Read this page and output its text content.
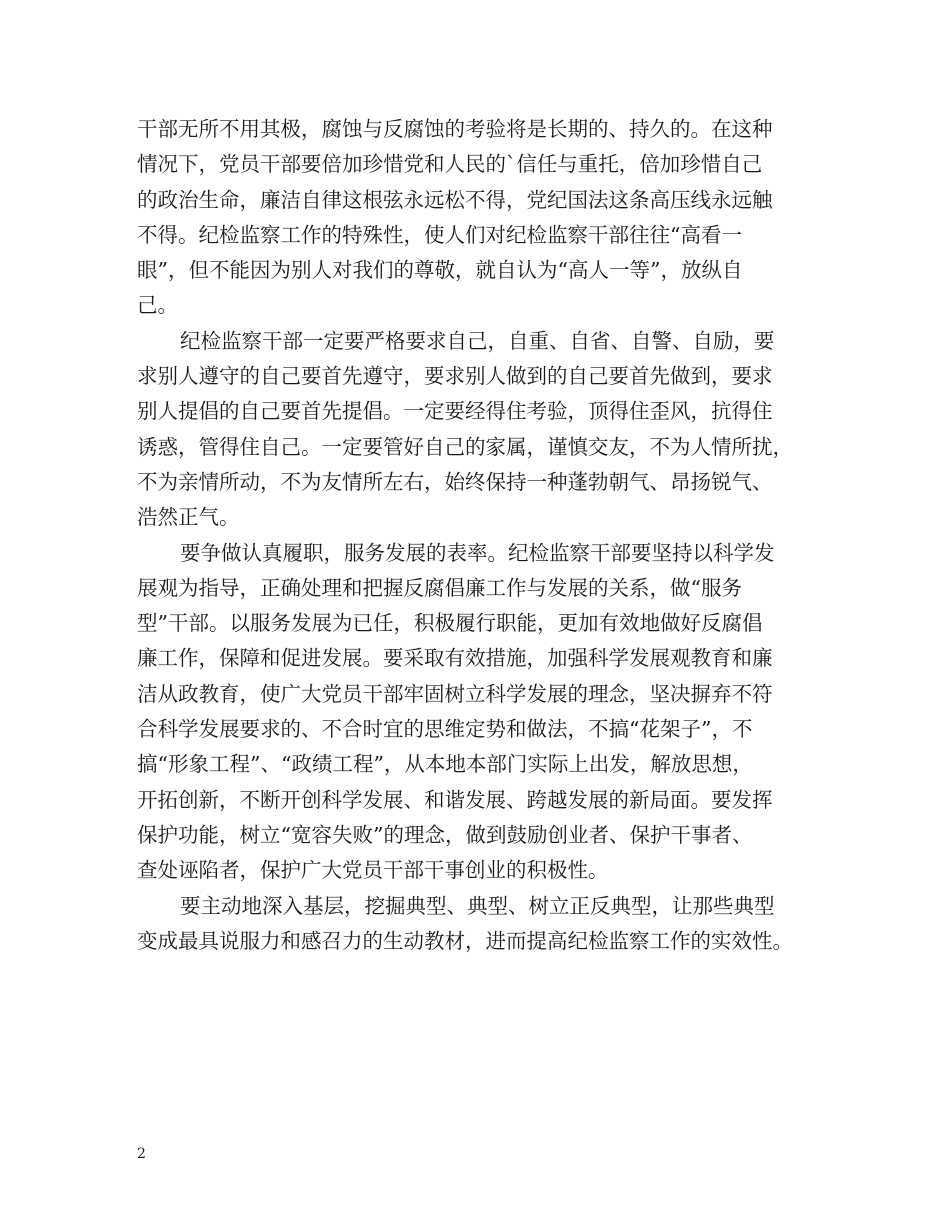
干部无所不用其极，腐蚀与反腐蚀的考验将是长期的、持久的。在这种
情况下，党员干部要倍加珍惜党和人民的`信任与重托，倍加珍惜自己
的政治生命，廉洁自律这根弦永远松不得，党纪国法这条高压线永远触
不得。纪检监察工作的特殊性，使人们对纪检监察干部往往“高看一
眼”，但不能因为别人对我们的尊敬，就自认为“高人一等”，放纵自
己。

纪检监察干部一定要严格要求自己，自重、自省、自警、自励，要
求别人遵守的自己要首先遵守，要求别人做到的自己要首先做到，要求
别人提倡的自己要首先提倡。一定要经得住考验，顶得住歪风，抗得住
诱惑，管得住自己。一定要管好自己的家属，谨慎交友，不为人情所扰，
不为亲情所动，不为友情所左右，始终保持一种蓬勃朝气、昂扬锐气、
浩然正气。

要争做认真履职，服务发展的表率。纪检监察干部要坚持以科学发
展观为指导，正确处理和把握反腐倡廉工作与发展的关系，做“服务
型”干部。以服务发展为已任，积极履行职能，更加有效地做好反腐倡
廉工作，保障和促进发展。要采取有效措施，加强科学发展观教育和廉
洁从政教育，使广大党员干部牢固树立科学发展的理念，坚决摒弃不符
合科学发展要求的、不合时宜的思维定势和做法，不搞“花架子”，不
搞“形象工程”、“政绩工程”，从本地本部门实际上出发，解放思想，
开拓创新，不断开创科学发展、和谐发展、跨越发展的新局面。要发挥
保护功能，树立“宽容失败”的理念，做到鼓励创业者、保护干事者、
查处诬陷者，保护广大党员干部干事创业的积极性。

要主动地深入基层，挖掘典型、典型、树立正反典型，让那些典型
变成最具说服力和感召力的生动教材，进而提高纪检监察工作的实效性。

2
